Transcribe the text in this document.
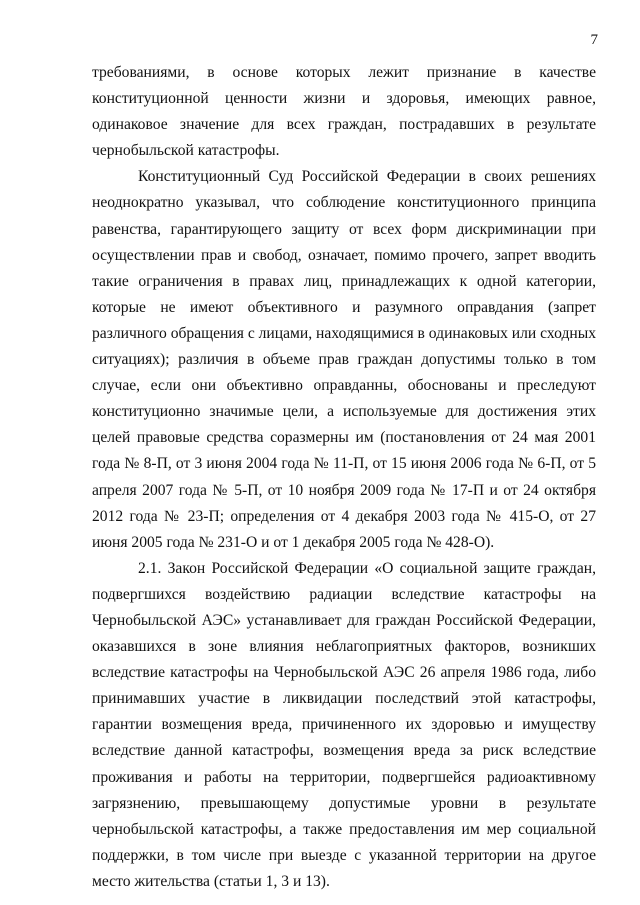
7

требованиями, в основе которых лежит признание в качестве конституционной ценности жизни и здоровья, имеющих равное, одинаковое значение для всех граждан, пострадавших в результате чернобыльской катастрофы.

Конституционный Суд Российской Федерации в своих решениях неоднократно указывал, что соблюдение конституционного принципа равенства, гарантирующего защиту от всех форм дискриминации при осуществлении прав и свобод, означает, помимо прочего, запрет вводить такие ограничения в правах лиц, принадлежащих к одной категории, которые не имеют объективного и разумного оправдания (запрет различного обращения с лицами, находящимися в одинаковых или сходных ситуациях); различия в объеме прав граждан допустимы только в том случае, если они объективно оправданны, обоснованы и преследуют конституционно значимые цели, а используемые для достижения этих целей правовые средства соразмерны им (постановления от 24 мая 2001 года № 8-П, от 3 июня 2004 года № 11-П, от 15 июня 2006 года № 6-П, от 5 апреля 2007 года № 5-П, от 10 ноября 2009 года № 17-П и от 24 октября 2012 года № 23-П; определения от 4 декабря 2003 года № 415-О, от 27 июня 2005 года № 231-О и от 1 декабря 2005 года № 428-О).

2.1. Закон Российской Федерации «О социальной защите граждан, подвергшихся воздействию радиации вследствие катастрофы на Чернобыльской АЭС» устанавливает для граждан Российской Федерации, оказавшихся в зоне влияния неблагоприятных факторов, возникших вследствие катастрофы на Чернобыльской АЭС 26 апреля 1986 года, либо принимавших участие в ликвидации последствий этой катастрофы, гарантии возмещения вреда, причиненного их здоровью и имуществу вследствие данной катастрофы, возмещения вреда за риск вследствие проживания и работы на территории, подвергшейся радиоактивному загрязнению, превышающему допустимые уровни в результате чернобыльской катастрофы, а также предоставления им мер социальной поддержки, в том числе при выезде с указанной территории на другое место жительства (статьи 1, 3 и 13).
